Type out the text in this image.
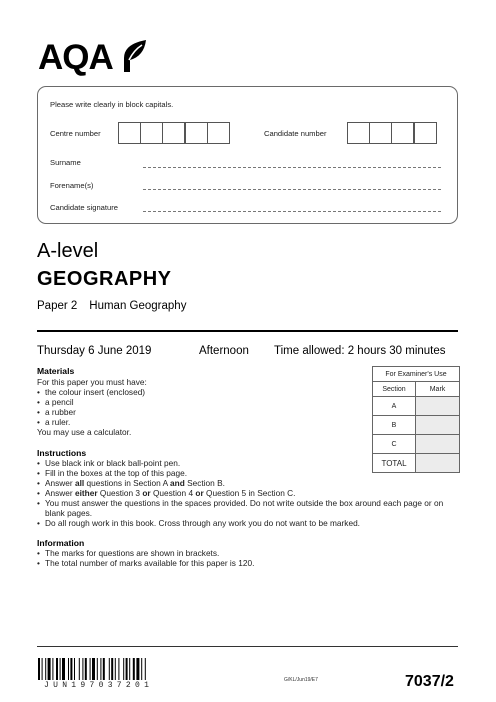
AQA
Please write clearly in block capitals.
Centre number	Candidate number
Surname
Forename(s)
Candidate signature
A-level
GEOGRAPHY
Paper 2 Human Geography
Thursday 6 June 2019	Afternoon Time allowed: 2 hours 30 minutes
Materials
For this paper you must have:
• the colour insert (enclosed)
• a pencil
• a rubber
• a ruler.
You may use a calculator.
For Examiner's Use	
Section	Mark
A	
B	
C	
TOTAL	
Instructions
• Use black ink or black ball-point pen.
• Fill in the boxes at the top of this page.
• Answer all questions in Section A and Section B.
• Answer either Question 3 or Question 4 or Question 5 in Section C.
• You must answer the questions in the spaces provided. Do not write outside the box around each page or on blank pages.
• Do all rough work in this book. Cross through any work you do not want to be marked.
Information
• The marks for questions are shown in brackets.
• The total number of marks available for this paper is 120.
JUN197037201
G/KL/Jun19/E7	7037/2
